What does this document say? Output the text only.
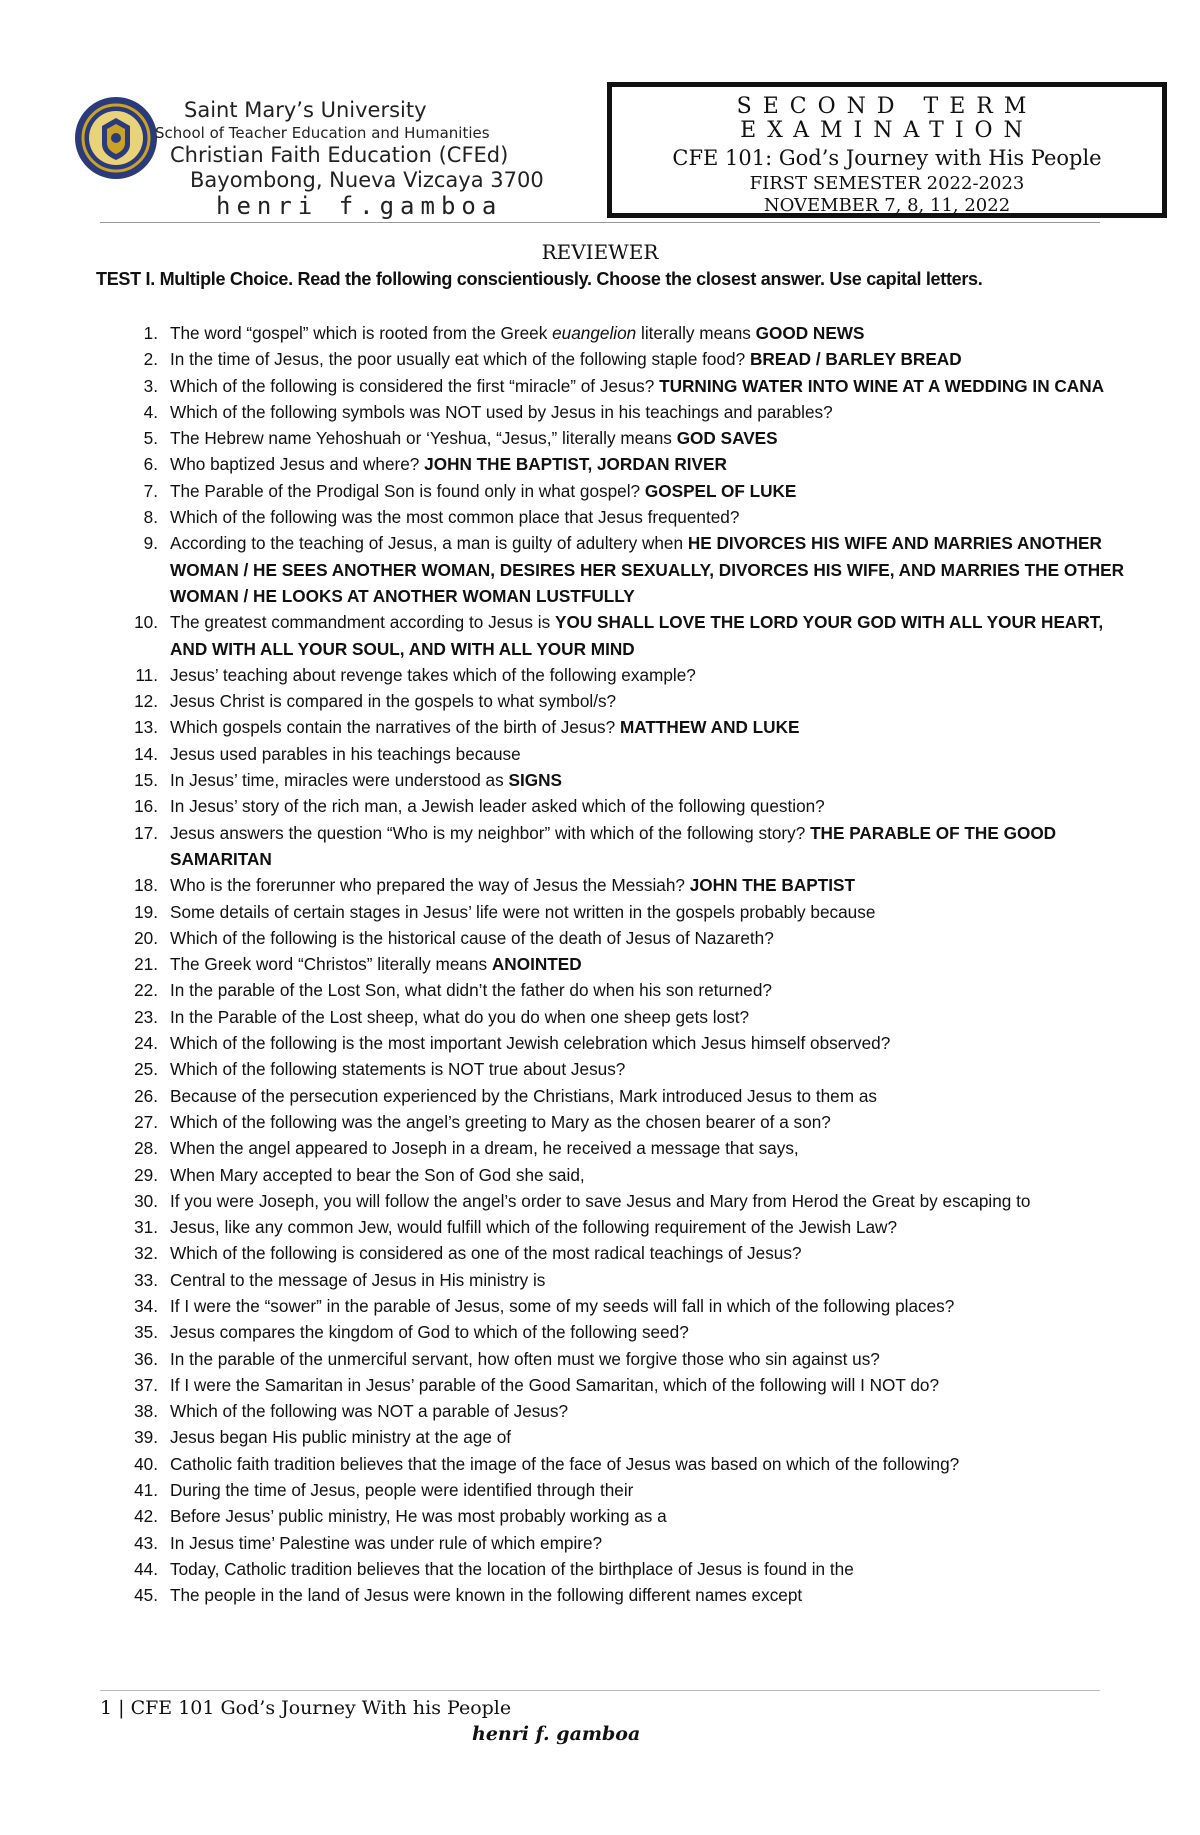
Saint Mary’s University
School of Teacher Education and Humanities
Christian Faith Education (CFEd)
Bayombong, Nueva Vizcaya 3700
henri f.gamboa
SECOND TERM EXAMINATION
CFE 101: God’s Journey with His People
FIRST SEMESTER 2022-2023
NOVEMBER 7, 8, 11, 2022
REVIEWER
TEST I. Multiple Choice. Read the following conscientiously. Choose the closest answer. Use capital letters.
1. The word “gospel” which is rooted from the Greek euangelion literally means GOOD NEWS
2. In the time of Jesus, the poor usually eat which of the following staple food? BREAD / BARLEY BREAD
3. Which of the following is considered the first “miracle” of Jesus? TURNING WATER INTO WINE AT A WEDDING IN CANA
4. Which of the following symbols was NOT used by Jesus in his teachings and parables?
5. The Hebrew name Yehoshuah or ‘Yeshua, “Jesus,” literally means GOD SAVES
6. Who baptized Jesus and where? JOHN THE BAPTIST, JORDAN RIVER
7. The Parable of the Prodigal Son is found only in what gospel? GOSPEL OF LUKE
8. Which of the following was the most common place that Jesus frequented?
9. According to the teaching of Jesus, a man is guilty of adultery when HE DIVORCES HIS WIFE AND MARRIES ANOTHER WOMAN / HE SEES ANOTHER WOMAN, DESIRES HER SEXUALLY, DIVORCES HIS WIFE, AND MARRIES THE OTHER WOMAN / HE LOOKS AT ANOTHER WOMAN LUSTFULLY
10. The greatest commandment according to Jesus is YOU SHALL LOVE THE LORD YOUR GOD WITH ALL YOUR HEART, AND WITH ALL YOUR SOUL, AND WITH ALL YOUR MIND
11. Jesus’ teaching about revenge takes which of the following example?
12. Jesus Christ is compared in the gospels to what symbol/s?
13. Which gospels contain the narratives of the birth of Jesus? MATTHEW AND LUKE
14. Jesus used parables in his teachings because
15. In Jesus’ time, miracles were understood as SIGNS
16. In Jesus’ story of the rich man, a Jewish leader asked which of the following question?
17. Jesus answers the question “Who is my neighbor” with which of the following story? THE PARABLE OF THE GOOD SAMARITAN
18. Who is the forerunner who prepared the way of Jesus the Messiah? JOHN THE BAPTIST
19. Some details of certain stages in Jesus’ life were not written in the gospels probably because
20. Which of the following is the historical cause of the death of Jesus of Nazareth?
21. The Greek word “Christos” literally means ANOINTED
22. In the parable of the Lost Son, what didn’t the father do when his son returned?
23. In the Parable of the Lost sheep, what do you do when one sheep gets lost?
24. Which of the following is the most important Jewish celebration which Jesus himself observed?
25. Which of the following statements is NOT true about Jesus?
26. Because of the persecution experienced by the Christians, Mark introduced Jesus to them as
27. Which of the following was the angel’s greeting to Mary as the chosen bearer of a son?
28. When the angel appeared to Joseph in a dream, he received a message that says,
29. When Mary accepted to bear the Son of God she said,
30. If you were Joseph, you will follow the angel’s order to save Jesus and Mary from Herod the Great by escaping to
31. Jesus, like any common Jew, would fulfill which of the following requirement of the Jewish Law?
32. Which of the following is considered as one of the most radical teachings of Jesus?
33. Central to the message of Jesus in His ministry is
34. If I were the “sower” in the parable of Jesus, some of my seeds will fall in which of the following places?
35. Jesus compares the kingdom of God to which of the following seed?
36. In the parable of the unmerciful servant, how often must we forgive those who sin against us?
37. If I were the Samaritan in Jesus’ parable of the Good Samaritan, which of the following will I NOT do?
38. Which of the following was NOT a parable of Jesus?
39. Jesus began His public ministry at the age of
40. Catholic faith tradition believes that the image of the face of Jesus was based on which of the following?
41. During the time of Jesus, people were identified through their
42. Before Jesus’ public ministry, He was most probably working as a
43. In Jesus time’ Palestine was under rule of which empire?
44. Today, Catholic tradition believes that the location of the birthplace of Jesus is found in the
45. The people in the land of Jesus were known in the following different names except
1 | CFE 101 God’s Journey With his People
henri f. gamboa
